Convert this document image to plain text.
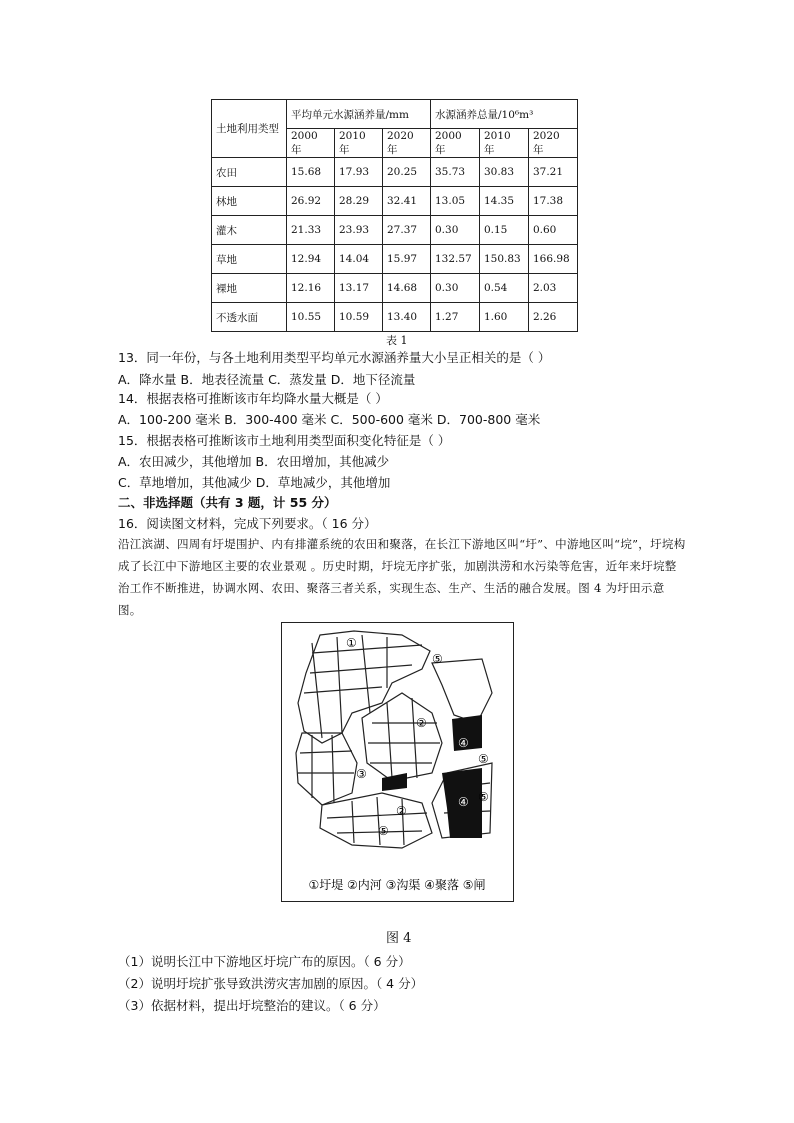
土地利用类型	平均单元水源涵养量/mm			水源涵养总量/10⁶m³		
	2000 年	2010 年	2020 年	2000 年	2010 年	2020 年
农田	15.68	17.93	20.25	35.73	30.83	37.21
林地	26.92	28.29	32.41	13.05	14.35	17.38
灌木	21.33	23.93	27.37	0.30	0.15	0.60
草地	12.94	14.04	15.97	132.57	150.83	166.98
裸地	12.16	13.17	14.68	0.30	0.54	2.03
不透水面	10.55	10.59	13.40	1.27	1.60	2.26
表 1
13．同一年份，与各土地利用类型平均单元水源涵养量大小呈正相关的是（ ）
A．降水量 B．地表径流量 C．蒸发量 D．地下径流量
14．根据表格可推断该市年均降水量大概是（ ）
A．100-200 毫米 B．300-400 毫米 C．500-600 毫米 D．700-800 毫米
15．根据表格可推断该市土地利用类型面积变化特征是（ ）
A．农田减少，其他增加 B．农田增加，其他减少
C．草地增加，其他减少 D．草地减少，其他增加
二、非选择题（共有 3 题，计 55 分）
16．阅读图文材料，完成下列要求。（ 16 分）
沿江滨湖、四周有圩堤围护、内有排灌系统的农田和聚落，在长江下游地区叫“圩”、中游地区叫“垸”，圩垸构成了长江中下游地区主要的农业景观 。历史时期，圩垸无序扩张，加剧洪涝和水污染等危害，近年来圩垸整治工作不断推进，协调水网、农田、聚落三者关系，实现生态、生产、生活的融合发展。图 4 为圩田示意图。
①
⑤
②
④
⑤
③
⑤
④
②
⑤
①圩堤 ②内河 ③沟渠 ④聚落 ⑤闸
图 4
（1）说明长江中下游地区圩垸广布的原因。（ 6 分）
（2）说明圩垸扩张导致洪涝灾害加剧的原因。（ 4 分）
（3）依据材料，提出圩垸整治的建议。（ 6 分）
